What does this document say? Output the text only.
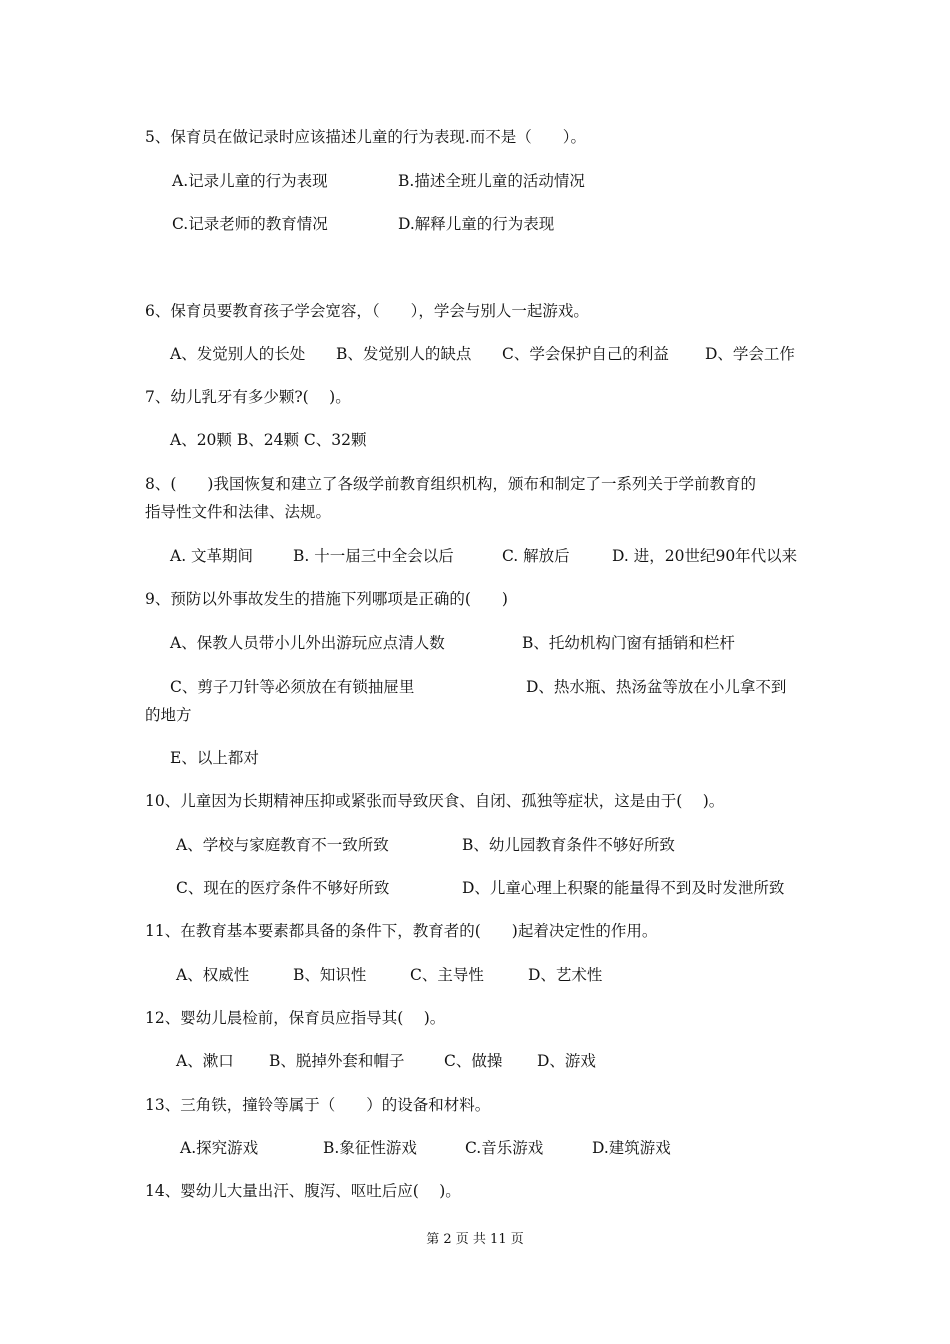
5、保育员在做记录时应该描述儿童的行为表现.而不是（　　）。
A.记录儿童的行为表现	B.描述全班儿童的活动情况
C.记录老师的教育情况	D.解释儿童的行为表现
6、保育员要教育孩子学会宽容，（　　），学会与别人一起游戏。
A、发觉别人的长处 B、发觉别人的缺点 C、学会保护自己的利益 D、学会工作
7、幼儿乳牙有多少颗?(　 )。
A、20颗 B、24颗 C、32颗
8、(　　)我国恢复和建立了各级学前教育组织机构，颁布和制定了一系列关于学前教育的
指导性文件和法律、法规。
A. 文革期间	B. 十一届三中全会以后	C. 解放后	D. 进，20世纪90年代以来
9、预防以外事故发生的措施下列哪项是正确的(　　)
A、保教人员带小儿外出游玩应点清人数	B、托幼机构门窗有插销和栏杆
C、剪子刀针等必须放在有锁抽屉里	D、热水瓶、热汤盆等放在小儿拿不到
的地方
E、以上都对
10、儿童因为长期精神压抑或紧张而导致厌食、自闭、孤独等症状，这是由于(　 )。
A、学校与家庭教育不一致所致	B、幼儿园教育条件不够好所致
C、现在的医疗条件不够好所致	D、儿童心理上积聚的能量得不到及时发泄所致
11、在教育基本要素都具备的条件下，教育者的(　　)起着决定性的作用。
A、权威性	B、知识性	C、主导性	D、艺术性
12、婴幼儿晨检前，保育员应指导其(　 )。
A、漱口 B、脱掉外套和帽子	C、做操 D、游戏
13、三角铁，撞铃等属于（　　）的设备和材料。
A.探究游戏	B.象征性游戏	C.音乐游戏	D.建筑游戏
14、婴幼儿大量出汗、腹泻、呕吐后应(　 )。
第 2 页 共 11 页
